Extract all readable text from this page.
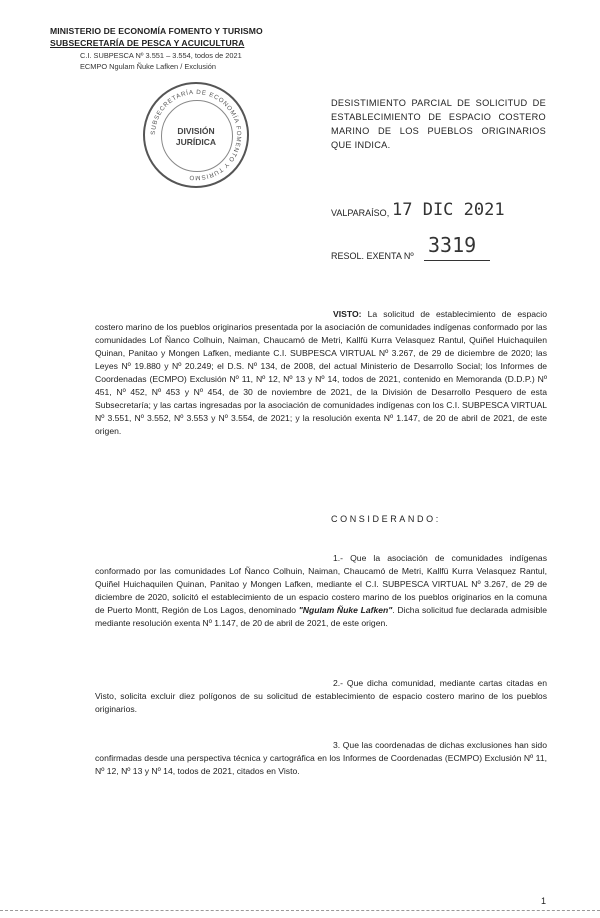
MINISTERIO DE ECONOMÍA FOMENTO Y TURISMO
SUBSECRETARÍA DE PESCA Y ACUICULTURA
C.I. SUBPESCA Nº 3.551 – 3.554, todos de 2021
ECMPO Ngulam Ñuke Lafken / Exclusión
SUBSECRETARÍA DE ECONOMÍA FOMENTO Y TURISMO
DIVISIÓN
JURÍDICA
DESISTIMIENTO PARCIAL DE SOLICITUD DE ESTABLECIMIENTO DE ESPACIO COSTERO MARINO DE LOS PUEBLOS ORIGINARIOS QUE INDICA.
VALPARAÍSO, 17 DIC 2021
RESOL. EXENTA Nº 3319
VISTO: La solicitud de establecimiento de espacio costero marino de los pueblos originarios presentada por la asociación de comunidades indígenas conformado por las comunidades Lof Ñanco Colhuin, Naiman, Chaucamó de Metri, Kallfü Kurra Velasquez Rantul, Quiñel Huichaquilen Quinan, Panitao y Mongen Lafken, mediante C.I. SUBPESCA VIRTUAL Nº 3.267, de 29 de diciembre de 2020; las Leyes Nº 19.880 y Nº 20.249; el D.S. Nº 134, de 2008, del actual Ministerio de Desarrollo Social; los Informes de Coordenadas (ECMPO) Exclusión Nº 11, Nº 12, Nº 13 y Nº 14, todos de 2021, contenido en Memoranda (D.D.P.) Nº 451, Nº 452, Nº 453 y Nº 454, de 30 de noviembre de 2021, de la División de Desarrollo Pesquero de esta Subsecretaría; y las cartas ingresadas por la asociación de comunidades indígenas con los C.I. SUBPESCA VIRTUAL Nº 3.551, Nº 3.552, Nº 3.553 y Nº 3.554, de 2021; y la resolución exenta Nº 1.147, de 20 de abril de 2021, de este origen.
CONSIDERANDO:
1.- Que la asociación de comunidades indígenas conformado por las comunidades Lof Ñanco Colhuin, Naiman, Chaucamó de Metri, Kallfü Kurra Velasquez Rantul, Quiñel Huichaquilen Quinan, Panitao y Mongen Lafken, mediante el C.I. SUBPESCA VIRTUAL Nº 3.267, de 29 de diciembre de 2020, solicitó el establecimiento de un espacio costero marino de los pueblos originarios en la comuna de Puerto Montt, Región de Los Lagos, denominado "Ngulam Ñuke Lafken". Dicha solicitud fue declarada admisible mediante resolución exenta Nº 1.147, de 20 de abril de 2021, de este origen.
2.- Que dicha comunidad, mediante cartas citadas en Visto, solicita excluir diez polígonos de su solicitud de establecimiento de espacio costero marino de los pueblos originarios.
3. Que las coordenadas de dichas exclusiones han sido confirmadas desde una perspectiva técnica y cartográfica en los Informes de Coordenadas (ECMPO) Exclusión Nº 11, Nº 12, Nº 13 y Nº 14, todos de 2021, citados en Visto.
1
